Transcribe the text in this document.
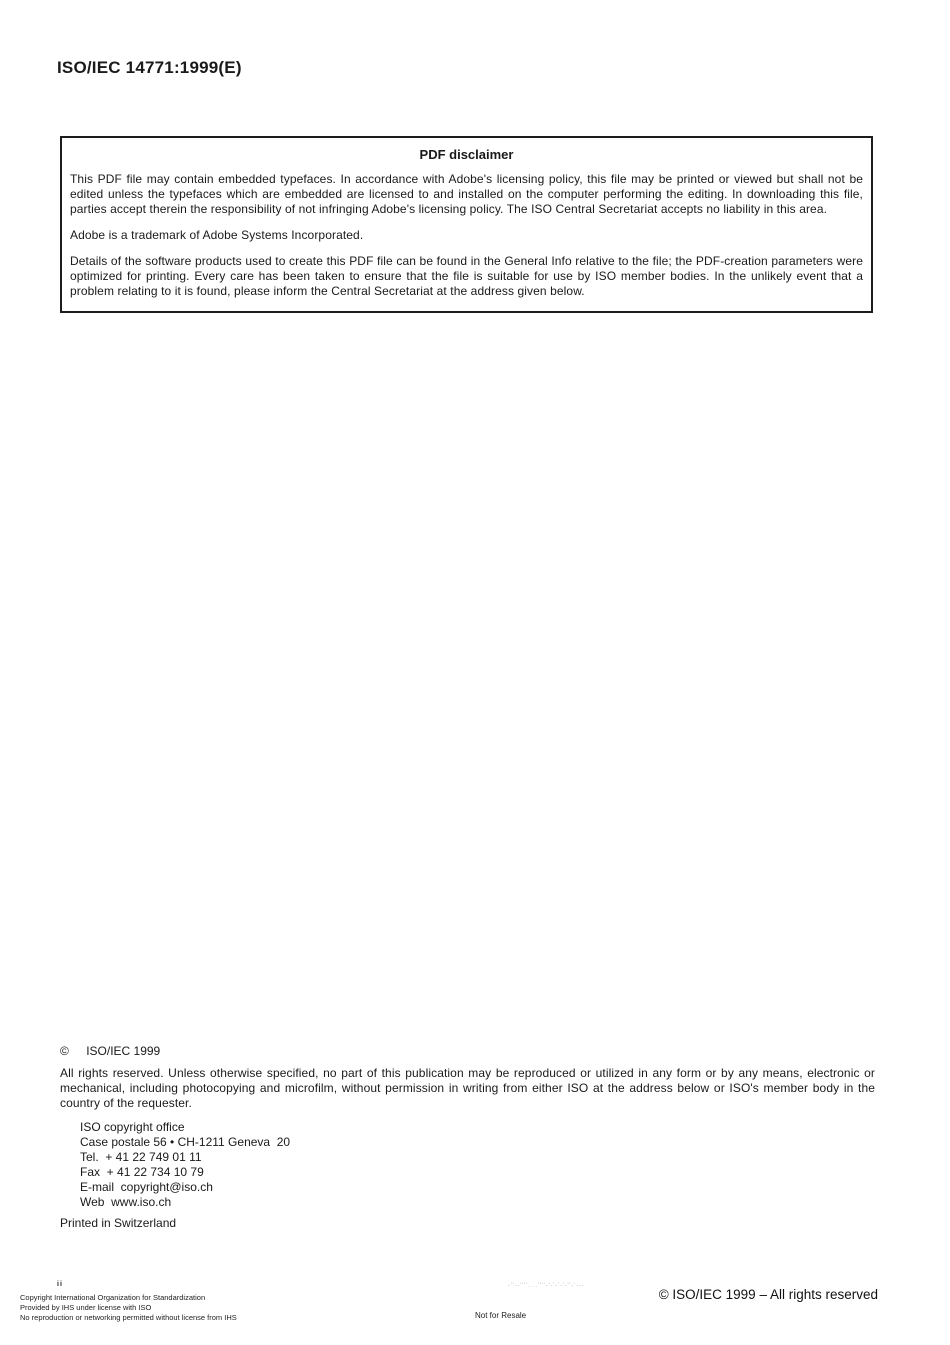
ISO/IEC 14771:1999(E)
PDF disclaimer

This PDF file may contain embedded typefaces. In accordance with Adobe's licensing policy, this file may be printed or viewed but shall not be edited unless the typefaces which are embedded are licensed to and installed on the computer performing the editing. In downloading this file, parties accept therein the responsibility of not infringing Adobe's licensing policy. The ISO Central Secretariat accepts no liability in this area.

Adobe is a trademark of Adobe Systems Incorporated.

Details of the software products used to create this PDF file can be found in the General Info relative to the file; the PDF-creation parameters were optimized for printing. Every care has been taken to ensure that the file is suitable for use by ISO member bodies. In the unlikely event that a problem relating to it is found, please inform the Central Secretariat at the address given below.

© ISO/IEC 1999
All rights reserved. Unless otherwise specified, no part of this publication may be reproduced or utilized in any form or by any means, electronic or mechanical, including photocopying and microfilm, without permission in writing from either ISO at the address below or ISO's member body in the country of the requester.
ISO copyright office
Case postale 56 • CH-1211 Geneva  20
Tel.  + 41 22 749 01 11
Fax  + 41 22 734 10 79
E-mail  copyright@iso.ch
Web  www.iso.ch
Printed in Switzerland
ii
Copyright International Organization for Standardization
Provided by IHS under license with ISO
No reproduction or networking permitted without license from IHS
-''--''''....''''-'-'-'-'-''-'---
Not for Resale
© ISO/IEC 1999 – All rights reserved
